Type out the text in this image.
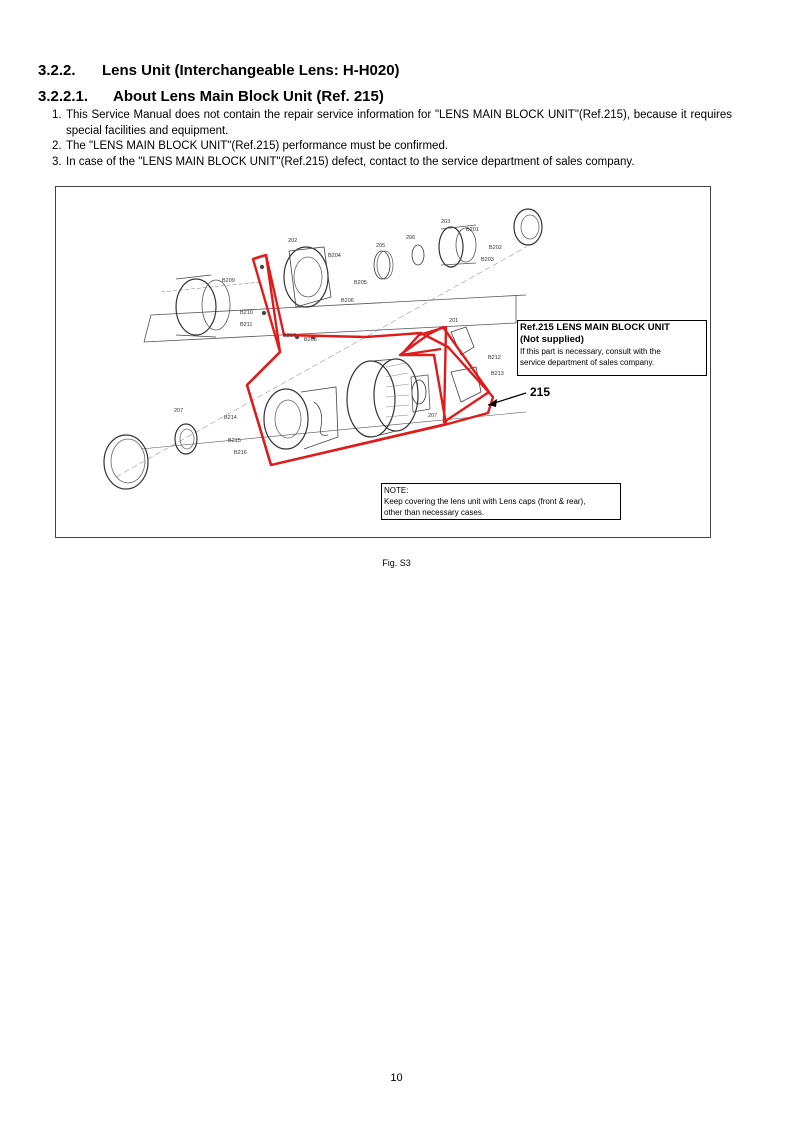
3.2.2. Lens Unit (Interchangeable Lens: H-H020)
3.2.2.1. About Lens Main Block Unit (Ref. 215)
1. This Service Manual does not contain the repair service information for "LENS MAIN BLOCK UNIT"(Ref.215), because it requires special facilities and equipment.
2. The "LENS MAIN BLOCK UNIT"(Ref.215) performance must be confirmed.
3. In case of the "LENS MAIN BLOCK UNIT"(Ref.215) defect, contact to the service department of sales company.
203
B201
202	206
205	B202
B203
B204
B205
B206
B209
B210
B211
B207
B208
201
B212
B213
207
207
B214
B215
B216
Ref.215 LENS MAIN BLOCK UNIT
(Not supplied)
If this part is necessary, consult with the
service department of sales company.
215
NOTE:
Keep covering the lens unit with Lens caps (front & rear),
other than necessary cases.
Fig. S3
10
